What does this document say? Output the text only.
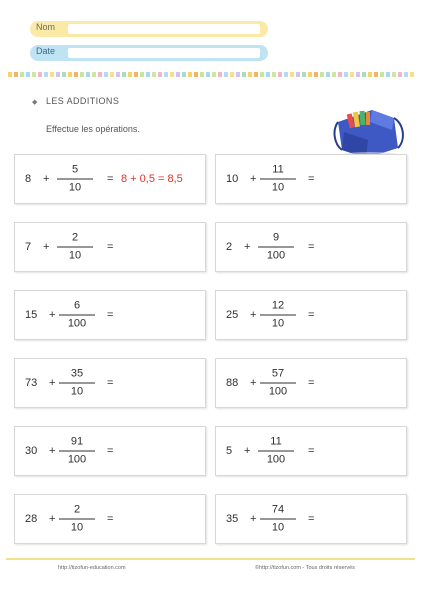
Nom
Date
◆ LES ADDITIONS
Effectue les opérations.
8 +
5
10
= 8 + 0,5 = 8,5	10 +
11
10
=
7 +
2
10
=	2 +
9
100
=
15 +
6
100
=	25 +
12
10
=
73 +
35
10
=	88 +
57
100
=
30 +
91
100
=	5 +
11
100
=
28 +
2
10
=	35 +
74
10
=
http://tizofun-education.com	©http://tizofun.com - Tous droits réservés
